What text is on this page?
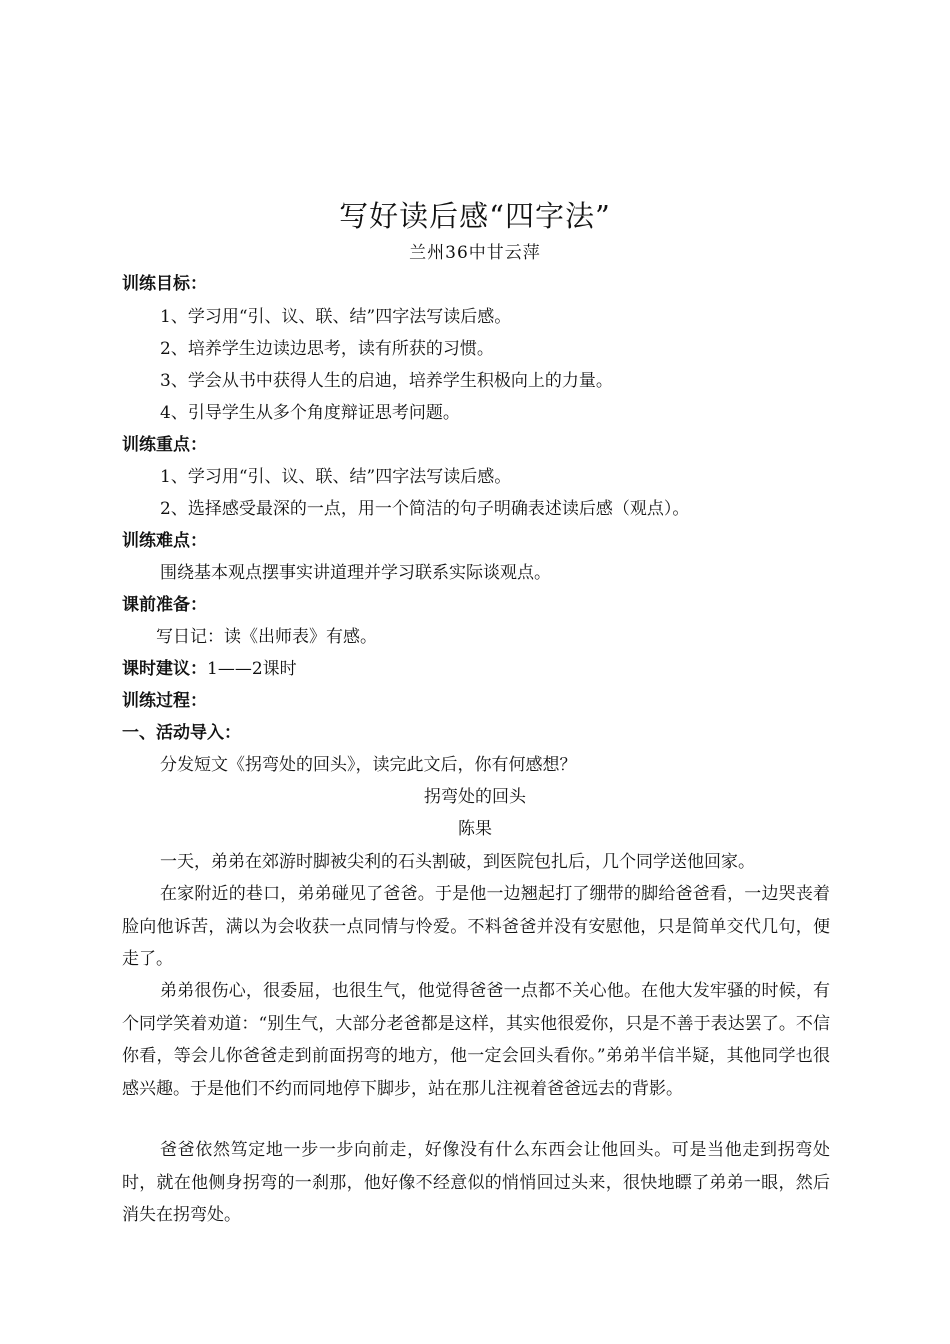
写好读后感“四字法”
兰州36中甘云萍
训练目标：
1、学习用“引、议、联、结”四字法写读后感。
2、培养学生边读边思考，读有所获的习惯。
3、学会从书中获得人生的启迪，培养学生积极向上的力量。
4、引导学生从多个角度辩证思考问题。
训练重点：
1、学习用“引、议、联、结”四字法写读后感。
2、选择感受最深的一点，用一个简洁的句子明确表述读后感（观点）。
训练难点：
围绕基本观点摆事实讲道理并学习联系实际谈观点。
课前准备：
写日记：读《出师表》有感。
课时建议：1——2课时
训练过程：
一、活动导入：
分发短文《拐弯处的回头》，读完此文后，你有何感想？
拐弯处的回头
陈果
一天，弟弟在郊游时脚被尖利的石头割破，到医院包扎后，几个同学送他回家。
在家附近的巷口，弟弟碰见了爸爸。于是他一边翘起打了绷带的脚给爸爸看，一边哭丧着脸向他诉苦，满以为会收获一点同情与怜爱。不料爸爸并没有安慰他，只是简单交代几句，便走了。
弟弟很伤心，很委屈，也很生气，他觉得爸爸一点都不关心他。在他大发牢骚的时候，有个同学笑着劝道：“别生气，大部分老爸都是这样，其实他很爱你，只是不善于表达罢了。不信你看，等会儿你爸爸走到前面拐弯的地方，他一定会回头看你。”弟弟半信半疑，其他同学也很感兴趣。于是他们不约而同地停下脚步，站在那儿注视着爸爸远去的背影。
爸爸依然笃定地一步一步向前走，好像没有什么东西会让他回头。可是当他走到拐弯处时，就在他侧身拐弯的一刹那，他好像不经意似的悄悄回过头来，很快地瞟了弟弟一眼，然后消失在拐弯处。
